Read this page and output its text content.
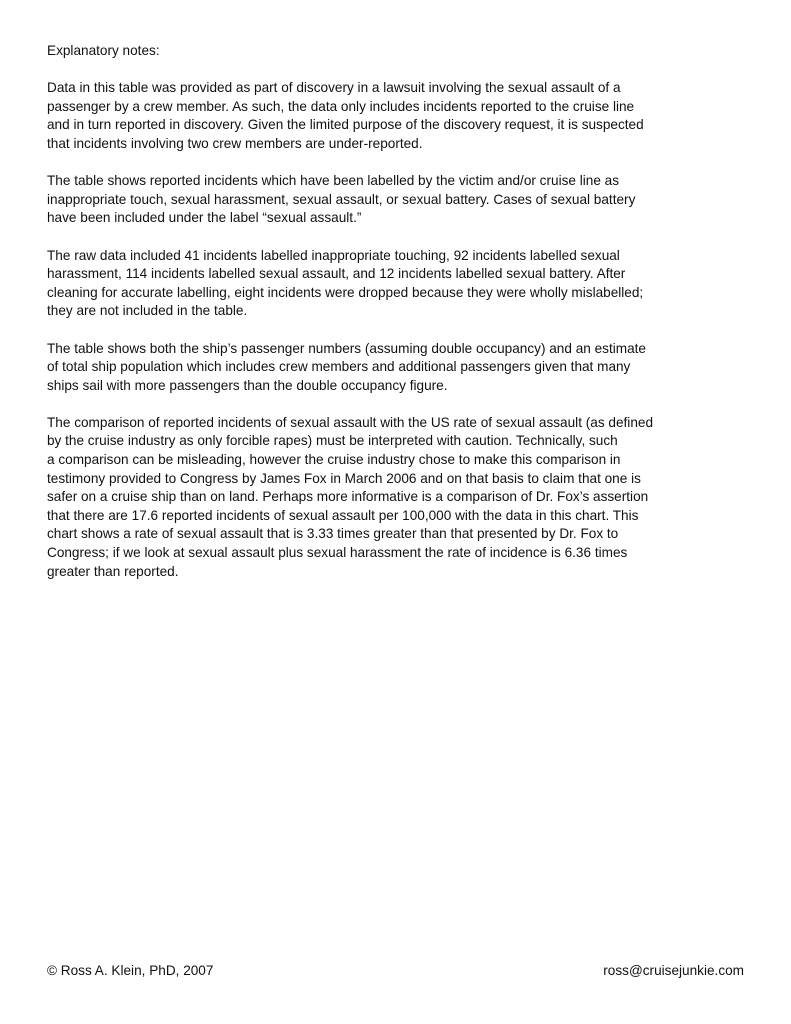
Explanatory notes:
Data in this table was provided as part of discovery in a lawsuit involving the sexual assault of a
passenger by a crew member. As such, the data only includes incidents reported to the cruise line
and in turn reported in discovery. Given the limited purpose of the discovery request, it is suspected
that incidents involving two crew members are under-reported.
The table shows reported incidents which have been labelled by the victim and/or cruise line as
inappropriate touch, sexual harassment, sexual assault, or sexual battery. Cases of sexual battery
have been included under the label “sexual assault.”
The raw data included 41 incidents labelled inappropriate touching, 92 incidents labelled sexual
harassment, 114 incidents labelled sexual assault, and 12 incidents labelled sexual battery. After
cleaning for accurate labelling, eight incidents were dropped because they were wholly mislabelled;
they are not included in the table.
The table shows both the ship’s passenger numbers (assuming double occupancy) and an estimate
of total ship population which includes crew members and additional passengers given that many
ships sail with more passengers than the double occupancy figure.
The comparison of reported incidents of sexual assault with the US rate of sexual assault (as defined
by the cruise industry as only forcible rapes) must be interpreted with caution. Technically, such
a comparison can be misleading, however the cruise industry chose to make this comparison in
testimony provided to Congress by James Fox in March 2006 and on that basis to claim that one is
safer on a cruise ship than on land. Perhaps more informative is a comparison of Dr. Fox’s assertion
that there are 17.6 reported incidents of sexual assault per 100,000 with the data in this chart. This
chart shows a rate of sexual assault that is 3.33 times greater than that presented by Dr. Fox to
Congress; if we look at sexual assault plus sexual harassment the rate of incidence is 6.36 times
greater than reported.
© Ross A. Klein, PhD, 2007	ross@cruisejunkie.com
